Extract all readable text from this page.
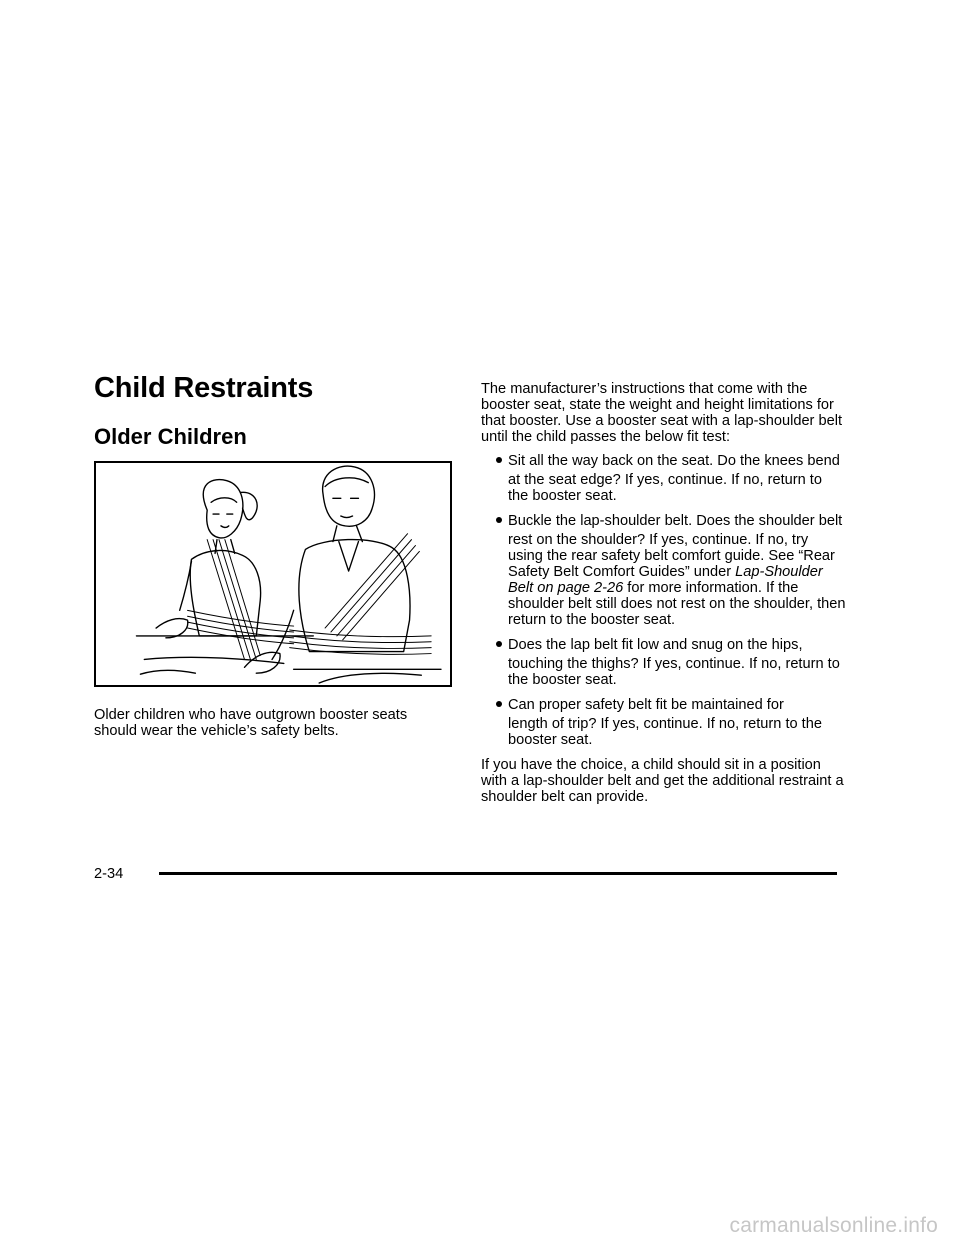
Child Restraints
Older Children

Older children who have outgrown booster seats should wear the vehicle’s safety belts.

The manufacturer’s instructions that come with the booster seat, state the weight and height limitations for that booster. Use a booster seat with a lap-shoulder belt until the child passes the below fit test:

Sit all the way back on the seat. Do the knees bend
at the seat edge? If yes, continue. If no, return to the booster seat.
Buckle the lap-shoulder belt. Does the shoulder belt
rest on the shoulder? If yes, continue. If no, try using the rear safety belt comfort guide. See “Rear Safety Belt Comfort Guides” under Lap-Shoulder Belt on page 2-26 for more information. If the shoulder belt still does not rest on the shoulder, then return to the booster seat.
Does the lap belt fit low and snug on the hips,
touching the thighs? If yes, continue. If no, return to the booster seat.
Can proper safety belt fit be maintained for
length of trip? If yes, continue. If no, return to the booster seat.

If you have the choice, a child should sit in a position with a lap-shoulder belt and get the additional restraint a shoulder belt can provide.

2-34
carmanualsonline.info
